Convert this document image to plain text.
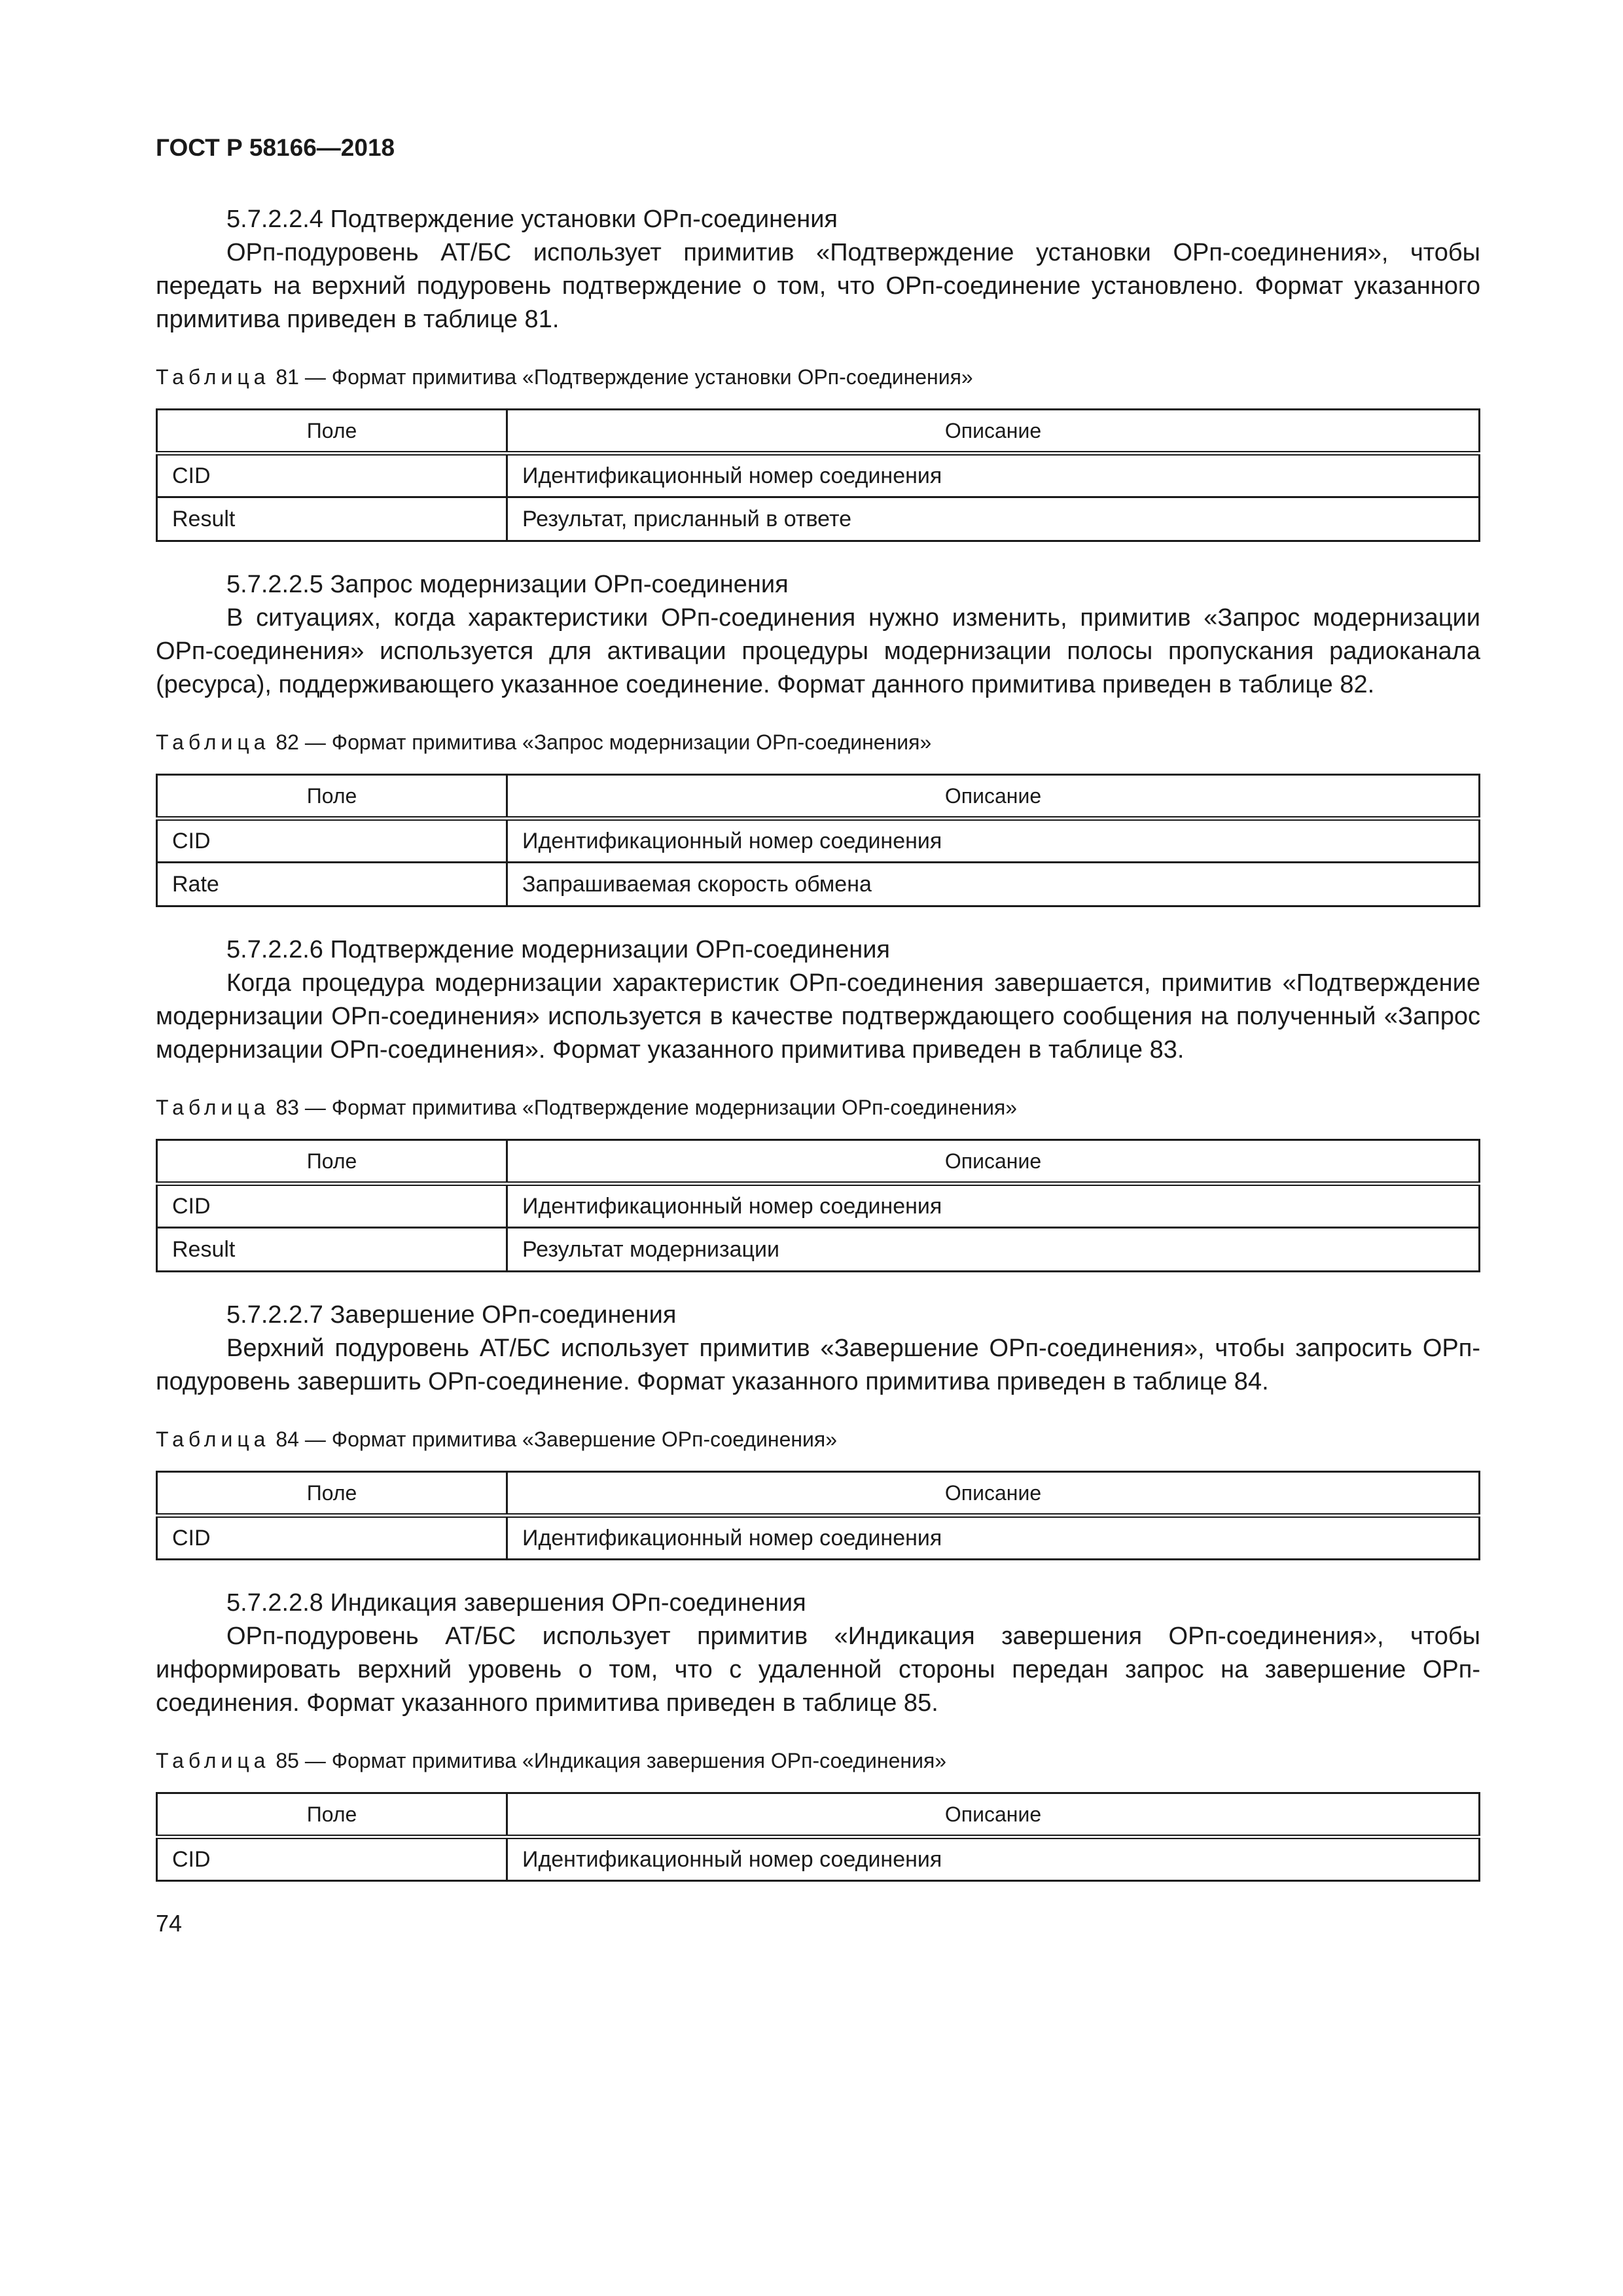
ГОСТ Р 58166—2018

5.7.2.2.4 Подтверждение установки ОРп-соединения

ОРп-подуровень АТ/БС использует примитив «Подтверждение установки ОРп-соединения», чтобы передать на верхний подуровень подтверждение о том, что ОРп-соединение установлено. Формат указанного примитива приведен в таблице 81.

Таблица 81 — Формат примитива «Подтверждение установки ОРп-соединения»
Поле	Описание
CID	Идентификационный номер соединения
Result	Результат, присланный в ответе

5.7.2.2.5 Запрос модернизации ОРп-соединения

В ситуациях, когда характеристики ОРп-соединения нужно изменить, примитив «Запрос модернизации ОРп-соединения» используется для активации процедуры модернизации полосы пропускания радиоканала (ресурса), поддерживающего указанное соединение. Формат данного примитива приведен в таблице 82.

Таблица 82 — Формат примитива «Запрос модернизации ОРп-соединения»
Поле	Описание
CID	Идентификационный номер соединения
Rate	Запрашиваемая скорость обмена

5.7.2.2.6 Подтверждение модернизации ОРп-соединения

Когда процедура модернизации характеристик ОРп-соединения завершается, примитив «Подтверждение модернизации ОРп-соединения» используется в качестве подтверждающего сообщения на полученный «Запрос модернизации ОРп-соединения». Формат указанного примитива приведен в таблице 83.

Таблица 83 — Формат примитива «Подтверждение модернизации ОРп-соединения»
Поле	Описание
CID	Идентификационный номер соединения
Result	Результат модернизации

5.7.2.2.7 Завершение ОРп-соединения

Верхний подуровень АТ/БС использует примитив «Завершение ОРп-соединения», чтобы запросить ОРп-подуровень завершить ОРп-соединение. Формат указанного примитива приведен в таблице 84.

Таблица 84 — Формат примитива «Завершение ОРп-соединения»
Поле	Описание
CID	Идентификационный номер соединения

5.7.2.2.8 Индикация завершения ОРп-соединения

ОРп-подуровень АТ/БС использует примитив «Индикация завершения ОРп-соединения», чтобы информировать верхний уровень о том, что с удаленной стороны передан запрос на завершение ОРп-соединения. Формат указанного примитива приведен в таблице 85.

Таблица 85 — Формат примитива «Индикация завершения ОРп-соединения»
Поле	Описание
CID	Идентификационный номер соединения
74
